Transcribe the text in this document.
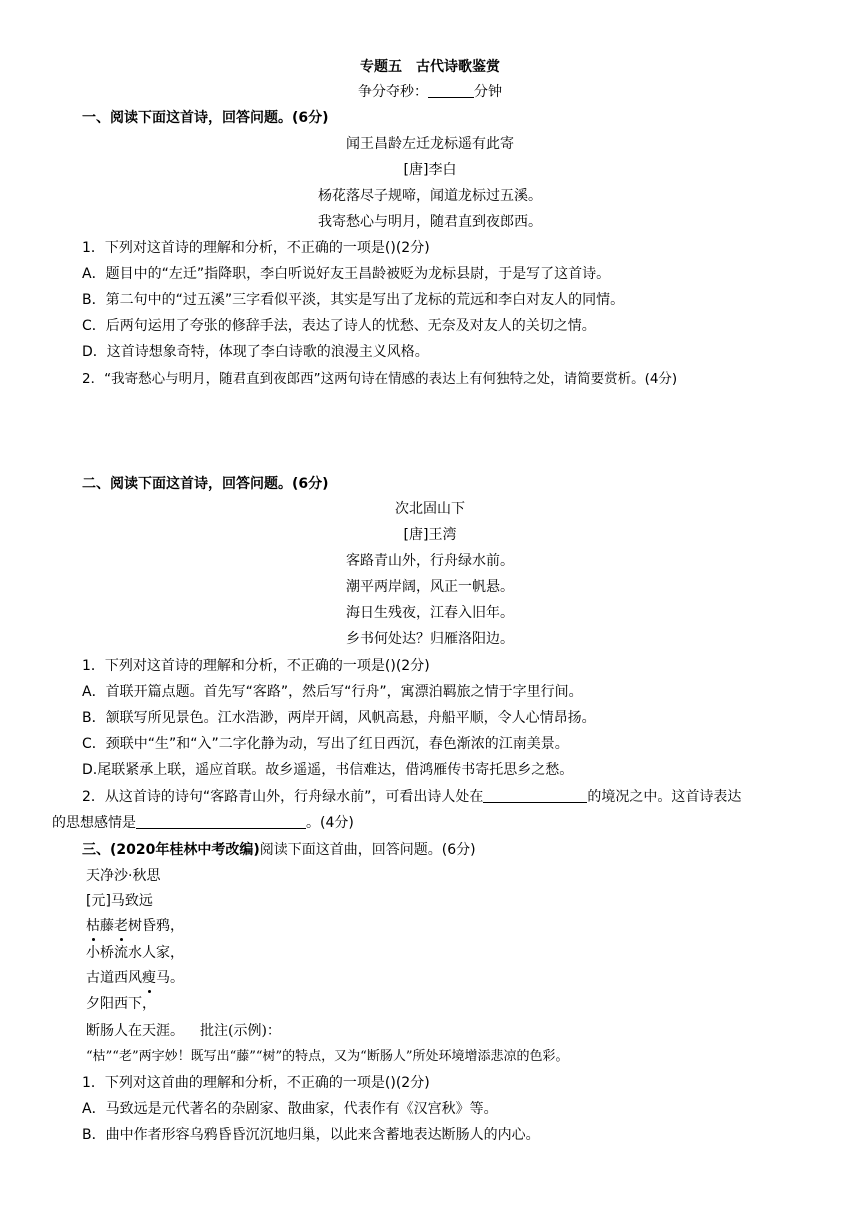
专题五　古代诗歌鉴赏
争分夺秒：	分钟
一、阅读下面这首诗，回答问题。(6分)
闻王昌龄左迁龙标遥有此寄
[唐]李白
杨花落尽子规啼，闻道龙标过五溪。
我寄愁心与明月，随君直到夜郎西。
1．下列对这首诗的理解和分析，不正确的一项是()(2分)
A．题目中的“左迁”指降职，李白听说好友王昌龄被贬为龙标县尉，于是写了这首诗。
B．第二句中的“过五溪”三字看似平淡，其实是写出了龙标的荒远和李白对友人的同情。
C．后两句运用了夸张的修辞手法，表达了诗人的忧愁、无奈及对友人的关切之情。
D．这首诗想象奇特，体现了李白诗歌的浪漫主义风格。
2．“我寄愁心与明月，随君直到夜郎西”这两句诗在情感的表达上有何独特之处，请简要赏析。(4分)
二、阅读下面这首诗，回答问题。(6分)
次北固山下
[唐]王湾
客路青山外，行舟绿水前。
潮平两岸阔，风正一帆悬。
海日生残夜，江春入旧年。
乡书何处达？归雁洛阳边。
1．下列对这首诗的理解和分析，不正确的一项是()(2分)
A．首联开篇点题。首先写“客路”，然后写“行舟”，寓漂泊羁旅之情于字里行间。
B．颔联写所见景色。江水浩渺，两岸开阔，风帆高悬，舟船平顺，令人心情昂扬。
C．颈联中“生”和“入”二字化静为动，写出了红日西沉，春色渐浓的江南美景。
D.尾联紧承上联，遥应首联。故乡遥遥，书信难达，借鸿雁传书寄托思乡之愁。
2．从这首诗的诗句“客路青山外，行舟绿水前”，可看出诗人处在	的境况之中。这首诗表达
的思想感情是	。(4分)
三、(2020年桂林中考改编)阅读下面这首曲，回答问题。(6分)
天净沙·秋思
[元]马致远
枯藤老树昏鸦，
小桥流水人家，
古道西风瘦马。
夕阳西下，
断肠人在天涯。 批注(示例)：
“枯”“老”两字妙！既写出“藤”“树”的特点，又为“断肠人”所处环境增添悲凉的色彩。
1．下列对这首曲的理解和分析，不正确的一项是()(2分)
A．马致远是元代著名的杂剧家、散曲家，代表作有《汉宫秋》等。
B．曲中作者形容乌鸦昏昏沉沉地归巢，以此来含蓄地表达断肠人的内心。
